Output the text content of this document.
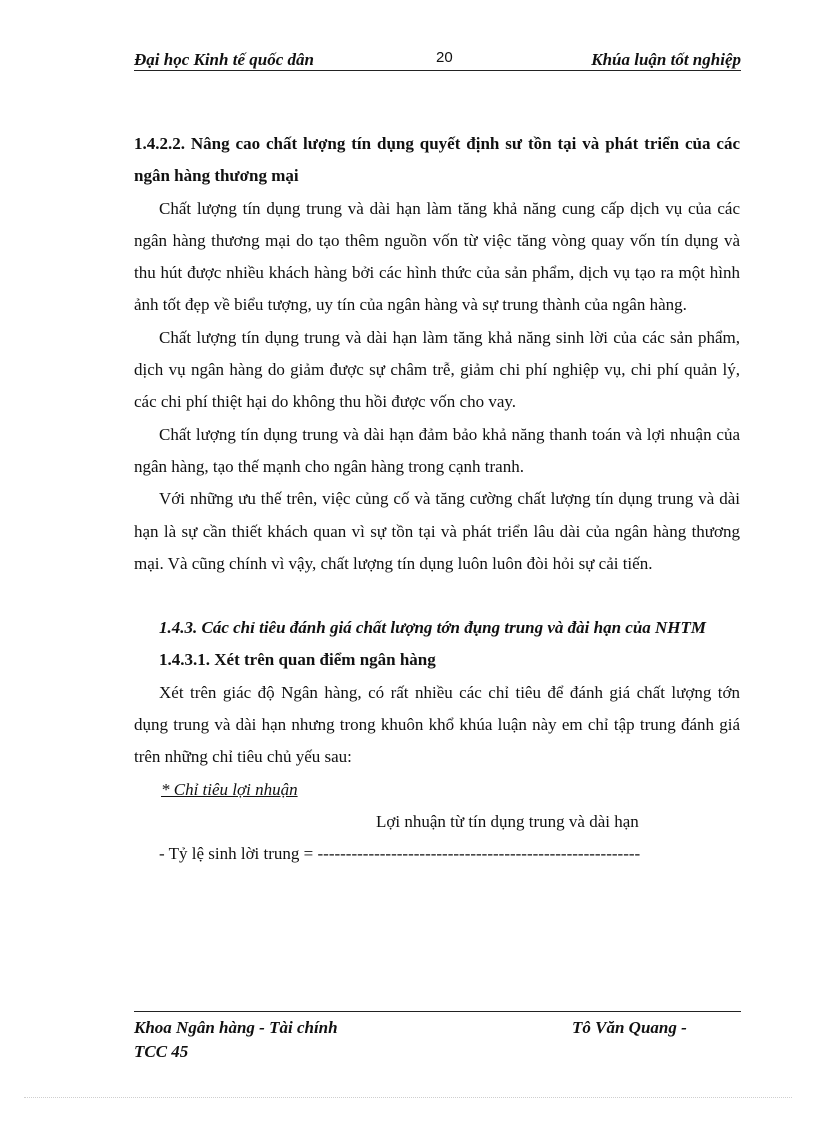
Đại học Kinh tế quốc dân	20	Khúa luận tốt nghiệp

1.4.2.2. Nâng cao chất lượng tín dụng quyết định sư tồn tại và phát triển của các ngân hàng thương mại

Chất lượng tín dụng trung và dài hạn làm tăng khả năng cung cấp dịch vụ của các ngân hàng thương mại do tạo thêm nguồn vốn từ việc tăng vòng quay vốn tín dụng và thu hút được nhiều khách hàng bởi các hình thức của sản phẩm, dịch vụ tạo ra một hình ảnh tốt đẹp về biểu tượng, uy tín của ngân hàng và sự trung thành của ngân hàng.

Chất lượng tín dụng trung và dài hạn làm tăng khả năng sinh lời của các sản phẩm, dịch vụ ngân hàng do giảm được sự châm trễ, giảm chi phí nghiệp vụ, chi phí quản lý, các chi phí thiệt hại do không thu hồi được vốn cho vay.

Chất lượng tín dụng trung và dài hạn đảm bảo khả năng thanh toán và lợi nhuận của ngân hàng, tạo thế mạnh cho ngân hàng trong cạnh tranh.

Với những ưu thế trên, việc củng cố và tăng cường chất lượng tín dụng trung và dài hạn là sự cần thiết khách quan vì sự tồn tại và phát triển lâu dài của ngân hàng thương mại. Và cũng chính vì vậy, chất lượng tín dụng luôn luôn đòi hỏi sự cải tiến.

1.4.3. Các chỉ tiêu đánh giá chất lượng tớn đụng trung và đài hạn của NHTM

1.4.3.1. Xét trên quan điểm ngân hàng

Xét trên giác độ Ngân hàng, có rất nhiều các chỉ tiêu để đánh giá chất lượng tớn dụng trung và dài hạn nhưng trong khuôn khổ khúa luận này em chỉ tập trung đánh giá trên những chỉ tiêu chủ yếu sau:

* Chỉ tiêu lợi nhuận

Lợi nhuận từ tín dụng trung và dài hạn

- Tỷ lệ sinh lời trung = ---------------------------------------------------------

Khoa Ngân hàng - Tài chính	Tô Văn Quang -
TCC 45
